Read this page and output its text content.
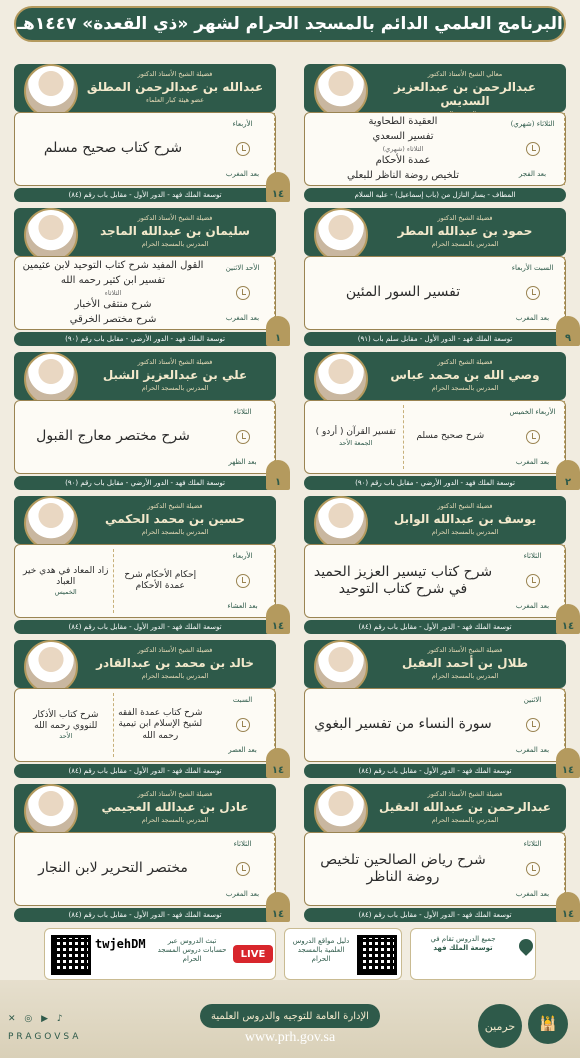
البرنامج العلمي الدائم بالمسجد الحرام لشهر «ذي القعدة» ١٤٤٧هـ
معالي الشيخ الأستاذ الدكتور
عبدالرحمن بن عبدالعزيز السديس
الثلاثاء (شهري)
بعد الفجر
العقيدة الطحاوية
تفسير السعدي
الثلاثاء (شهري)
عمدة الأحكام
تلخيص روضة الناظر للبعلي
المطاف - يسار النازل من (باب إسماعيل) - عليه السلام
فضيلة الشيخ الأستاذ الدكتور
عبدالله بن عبدالرحمن المطلق
عضو هيئة كبار العلماء
الأربعاء
بعد المغرب
شرح كتاب صحيح مسلم
توسعة الملك فهد - الدور الأول - مقابل باب رقم (٨٤)	١٤
فضيلة الشيخ الدكتور
حمود بن عبدالله المطر
المدرس بالمسجد الحرام
السبت الأربعاء
بعد المغرب
تفسير السور المئين
توسعة الملك فهد - الدور الأول - مقابل سلم باب (٩١)	٩
فضيلة الشيخ الأستاذ الدكتور
سليمان بن عبدالله الماجد
المدرس بالمسجد الحرام
الأحد الاثنين
بعد المغرب
القول المفيد شرح كتاب التوحيد لابن عثيمين
تفسير ابن كثير رحمه الله
الثلاثاء
شرح منتقى الأخبار
شرح مختصر الخرقي
توسعة الملك فهد - الدور الأرضي - مقابل باب رقم (٩٠)	١
فضيلة الشيخ الدكتور
وصي الله بن محمد عباس
المدرس بالمسجد الحرام
الأربعاء الخميس
بعد المغرب
شرح صحيح مسلم
تفسير القرآن ( أردو )
الجمعة الأحد
توسعة الملك فهد - الدور الأرضي - مقابل باب رقم (٩٠)	٢
فضيلة الشيخ الأستاذ الدكتور
علي بن عبدالعزيز الشبل
المدرس بالمسجد الحرام
الثلاثاء
بعد الظهر
شرح مختصر معارج القبول
توسعة الملك فهد - الدور الأرضي - مقابل باب رقم (٩٠)	١
فضيلة الشيخ الدكتور
يوسف بن عبدالله الوابل
المدرس بالمسجد الحرام
الثلاثاء
بعد المغرب
شرح كتاب تيسير العزيز الحميد في شرح كتاب التوحيد
توسعة الملك فهد - الدور الأول - مقابل باب رقم (٨٤)	١٤
فضيلة الشيخ الدكتور
حسين بن محمد الحكمي
المدرس بالمسجد الحرام
الأربعاء
بعد العشاء
إحكام الأحكام شرح عمدة الأحكام
زاد المعاد في هدي خير العباد
الخميس
توسعة الملك فهد - الدور الأول - مقابل باب رقم (٨٤)	١٤
فضيلة الشيخ الأستاذ الدكتور
طلال بن أحمد العقيل
المدرس بالمسجد الحرام
الاثنين
بعد المغرب
سورة النساء من تفسير البغوي
توسعة الملك فهد - الدور الأول - مقابل باب رقم (٨٤)	١٤
فضيلة الشيخ الأستاذ الدكتور
خالد بن محمد بن عبدالقادر
المدرس بالمسجد الحرام
السبت
بعد العصر
شرح كتاب عمدة الفقه لشيخ الإسلام ابن تيمية رحمه الله
شرح كتاب الأذكار للنووي رحمه الله
الأحد
توسعة الملك فهد - الدور الأول - مقابل باب رقم (٨٤)	١٤
فضيلة الشيخ الأستاذ الدكتور
عبدالرحمن بن عبدالله العقيل
المدرس بالمسجد الحرام
الثلاثاء
بعد المغرب
شرح رياض الصالحين تلخيص روضة الناظر
توسعة الملك فهد - الدور الأول - مقابل باب رقم (٨٤)	١٤
فضيلة الشيخ الأستاذ الدكتور
عادل بن عبدالله العجيمي
المدرس بالمسجد الحرام
الثلاثاء
بعد المغرب
مختصر التحرير لابن النجار
توسعة الملك فهد - الدور الأول - مقابل باب رقم (٨٤)	١٤
جميع الدروس تقام في
توسعة الملك فهد
دليل مواقع الدروس العلمية بالمسجد الحرام
LIVE
تبث الدروس عبر حسابات دروس المسجد الحرام
twjehDM
الإدارة العامة للتوجيه والدروس العلمية
www.prh.gov.sa
PRAGOVSA
✕ ◎ ▶ ♪
حرمين	🕌
